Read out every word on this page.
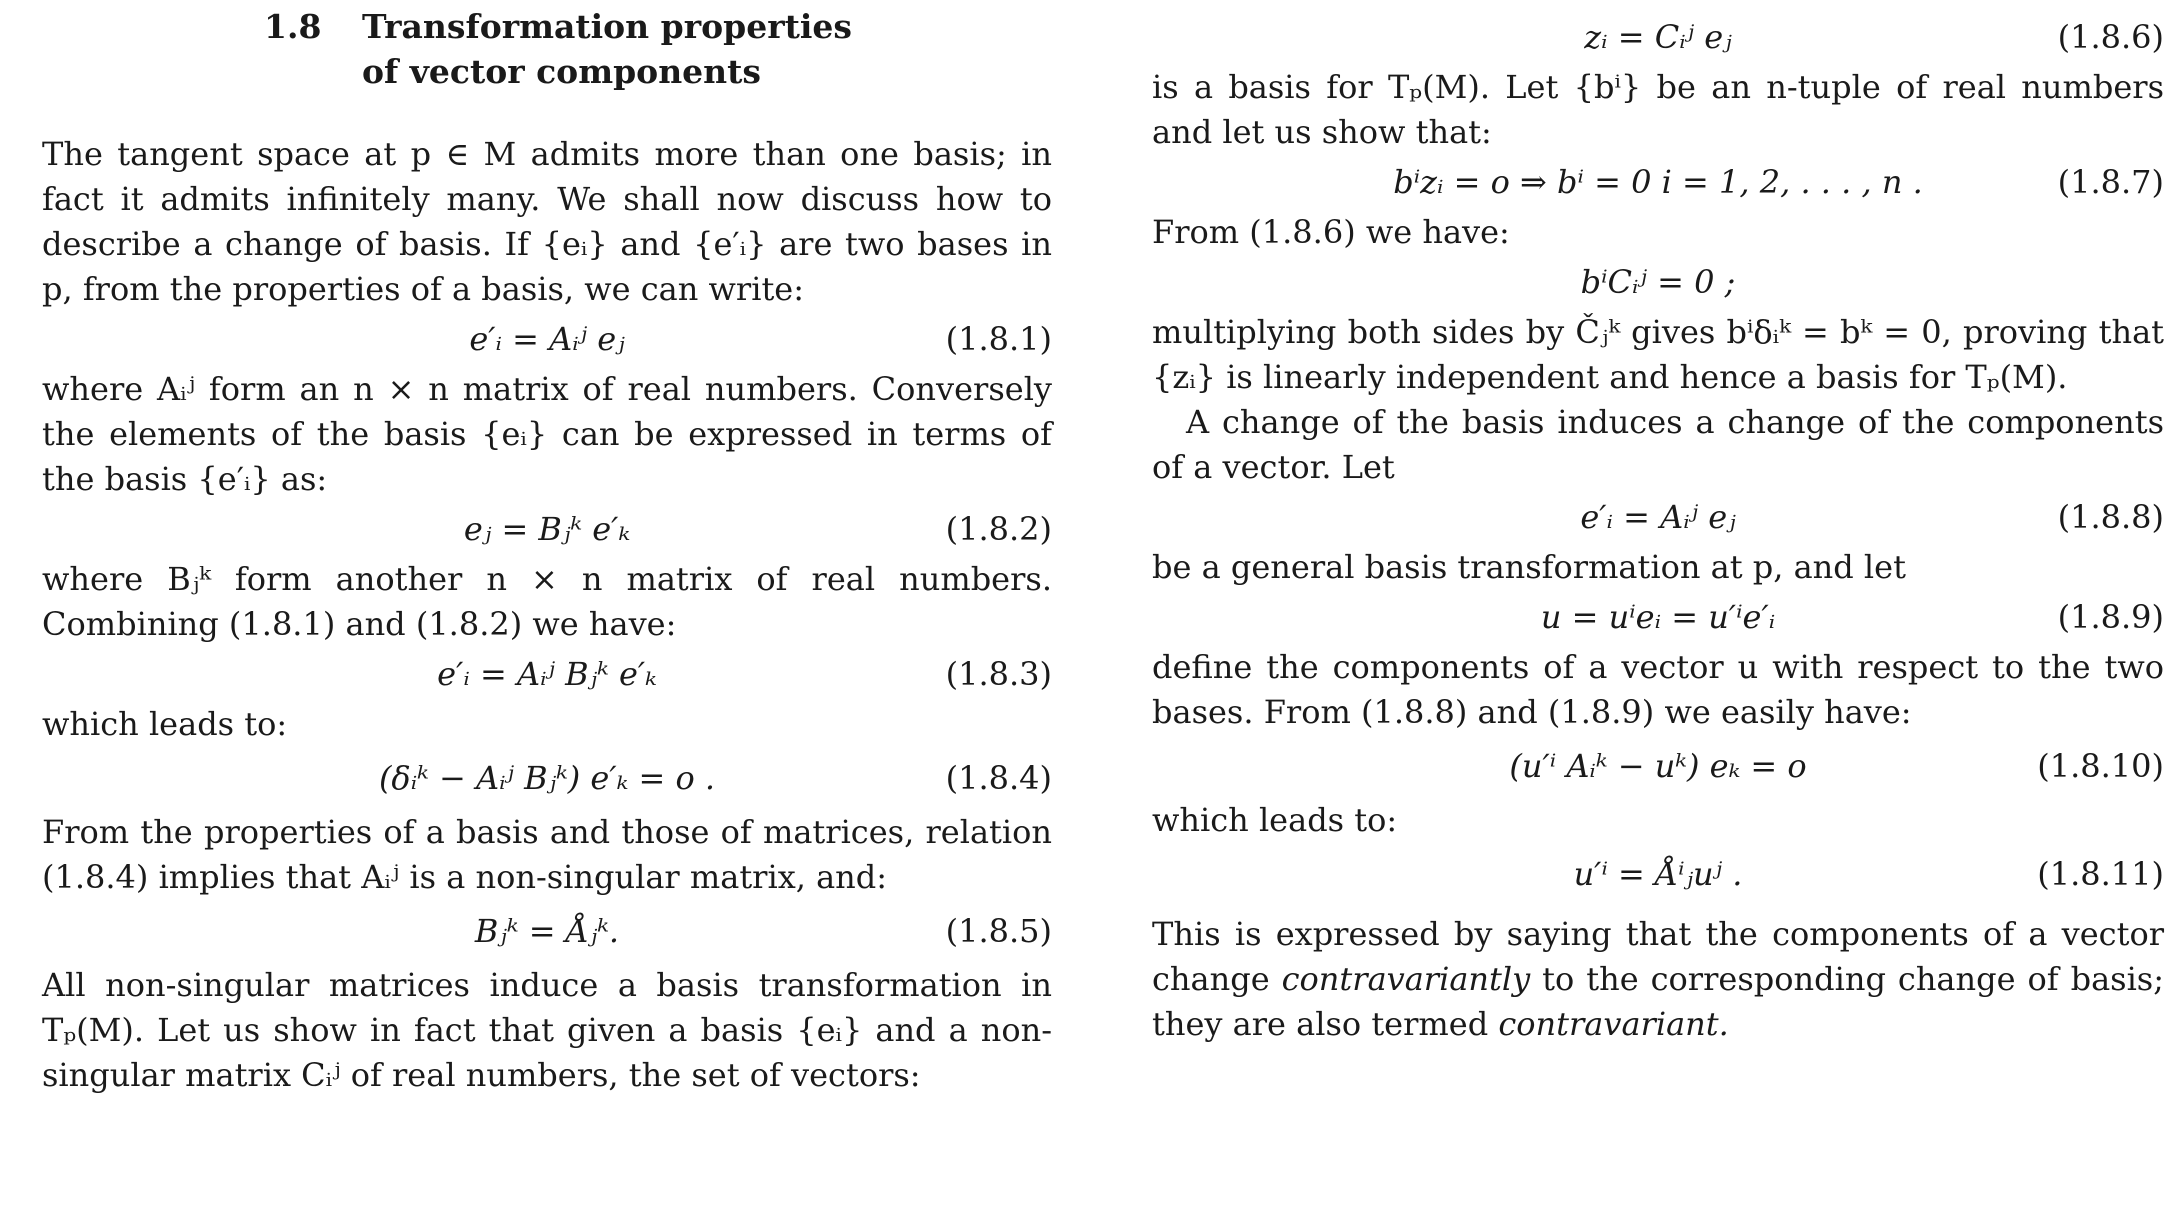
1.8 Transformation properties
of vector components

The tangent space at p ∈ M admits more than one basis; in fact it admits infinitely many. We shall now discuss how to describe a change of basis. If {eᵢ} and {e′ᵢ} are two bases in p, from the properties of a basis, we can write:

e′ᵢ = Aᵢʲ eⱼ	(1.8.1)

where Aᵢʲ form an n × n matrix of real numbers. Conversely the elements of the basis {eᵢ} can be expressed in terms of the basis {e′ᵢ} as:

eⱼ = Bⱼᵏ e′ₖ	(1.8.2)

where Bⱼᵏ form another n × n matrix of real numbers. Combining (1.8.1) and (1.8.2) we have:

e′ᵢ = Aᵢʲ Bⱼᵏ e′ₖ	(1.8.3)

which leads to:

(δᵢᵏ − Aᵢʲ Bⱼᵏ) e′ₖ = o .	(1.8.4)

From the properties of a basis and those of matrices, relation (1.8.4) implies that Aᵢʲ is a non-singular matrix, and:

Bⱼᵏ = Åⱼᵏ.	(1.8.5)

All non-singular matrices induce a basis transformation in Tₚ(M). Let us show in fact that given a basis {eᵢ} and a non-singular matrix Cᵢʲ of real numbers, the set of vectors:

zᵢ = Cᵢʲ eⱼ	(1.8.6)

is a basis for Tₚ(M). Let {bⁱ} be an n-tuple of real numbers and let us show that:

bⁱzᵢ = o ⇒ bⁱ = 0 i = 1, 2, . . . , n .	(1.8.7)

From (1.8.6) we have:

bⁱCᵢʲ = 0 ;

multiplying both sides by Čⱼᵏ gives bⁱδᵢᵏ = bᵏ = 0, proving that {zᵢ} is linearly independent and hence a basis for Tₚ(M).

A change of the basis induces a change of the components of a vector. Let

e′ᵢ = Aᵢʲ eⱼ	(1.8.8)

be a general basis transformation at p, and let

u = uⁱeᵢ = u′ⁱe′ᵢ	(1.8.9)

define the components of a vector u with respect to the two bases. From (1.8.8) and (1.8.9) we easily have:

(u′ⁱ Aᵢᵏ − uᵏ) eₖ = o	(1.8.10)

which leads to:

u′ⁱ = Åⁱⱼuʲ .	(1.8.11)

This is expressed by saying that the components of a vector change contravariantly to the corresponding change of basis; they are also termed contravariant.
